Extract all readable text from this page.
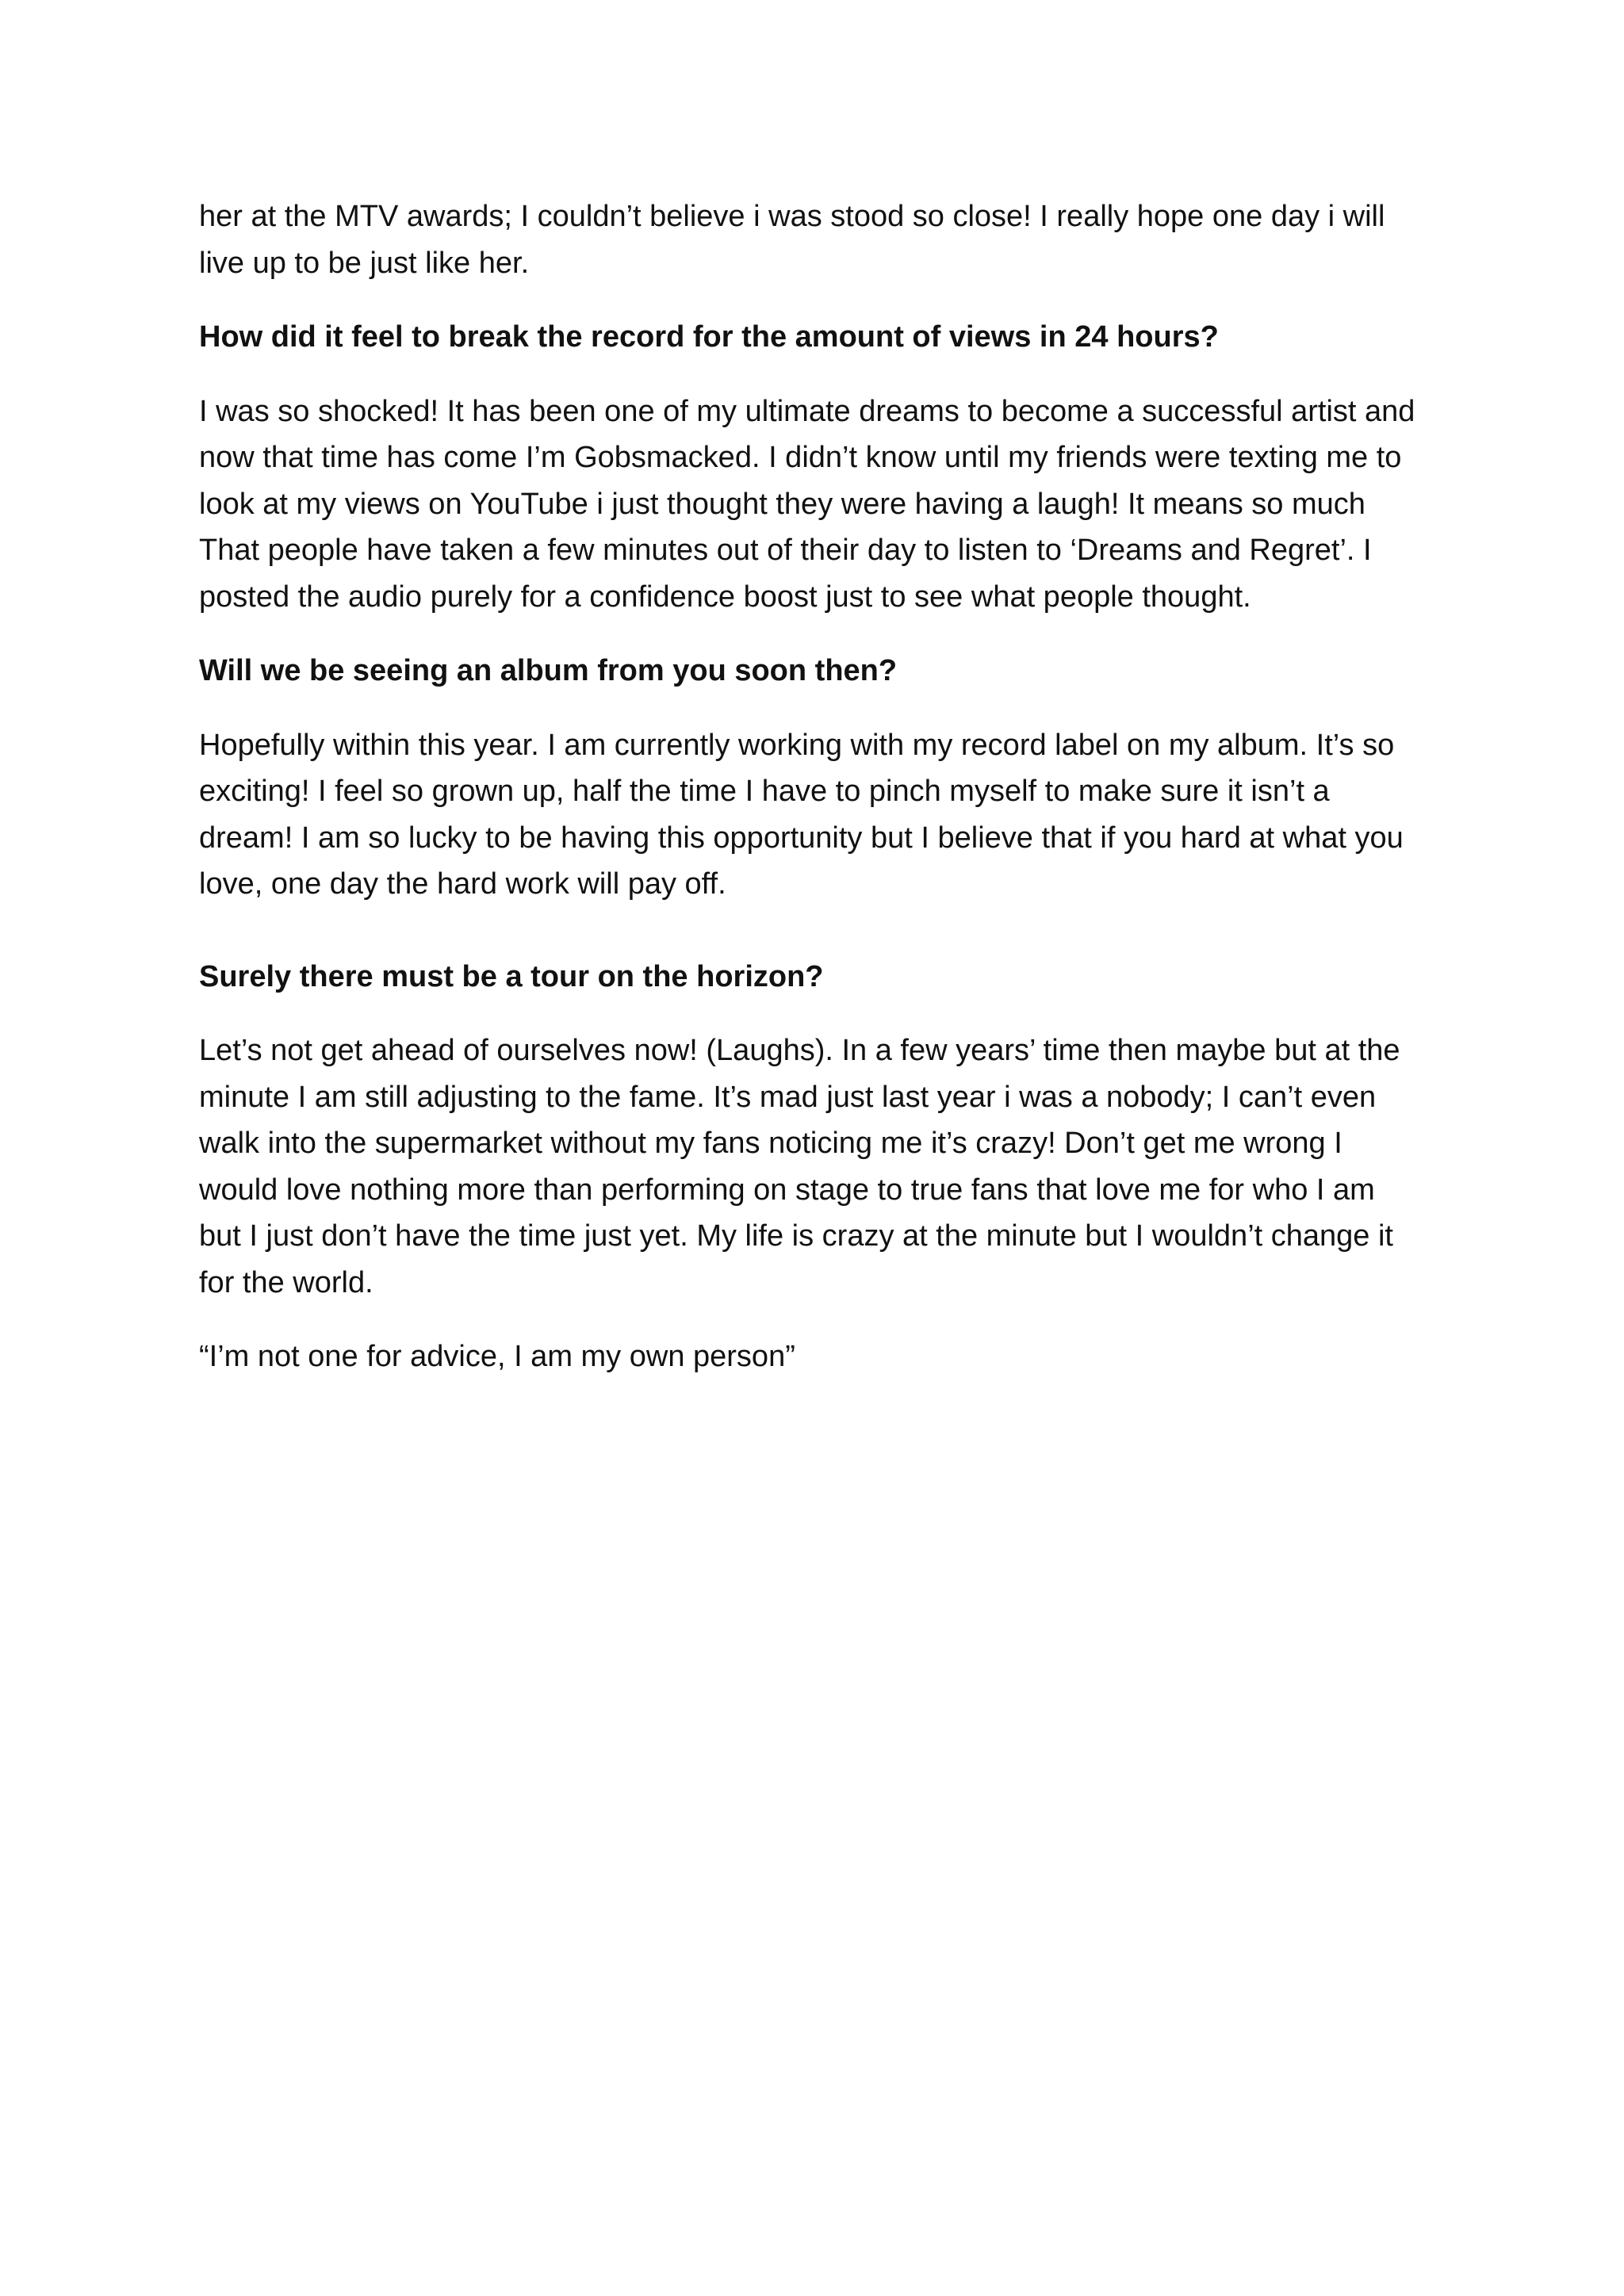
her at the MTV awards; I couldn’t believe i was stood so close! I really hope one day i will
live up to be just like her.

How did it feel to break the record for the amount of views in 24 hours?

I was so shocked! It has been one of my ultimate dreams to become a successful artist and
now that time has come I’m Gobsmacked. I didn’t know until my friends were texting me to
look at my views on YouTube i just thought they were having a laugh! It means so much
That people have taken a few minutes out of their day to listen to ‘Dreams and Regret’. I
posted the audio purely for a confidence boost just to see what people thought.

Will we be seeing an album from you soon then?

Hopefully within this year. I am currently working with my record label on my album. It’s so
exciting! I feel so grown up, half the time I have to pinch myself to make sure it isn’t a
dream! I am so lucky to be having this opportunity but I believe that if you hard at what you
love, one day the hard work will pay off.

Surely there must be a tour on the horizon?

Let’s not get ahead of ourselves now! (Laughs). In a few years’ time then maybe but at the
minute I am still adjusting to the fame. It’s mad just last year i was a nobody; I can’t even
walk into the supermarket without my fans noticing me it’s crazy! Don’t get me wrong I
would love nothing more than performing on stage to true fans that love me for who I am
but I just don’t have the time just yet. My life is crazy at the minute but I wouldn’t change it
for the world.

“I’m not one for advice, I am my own person”
